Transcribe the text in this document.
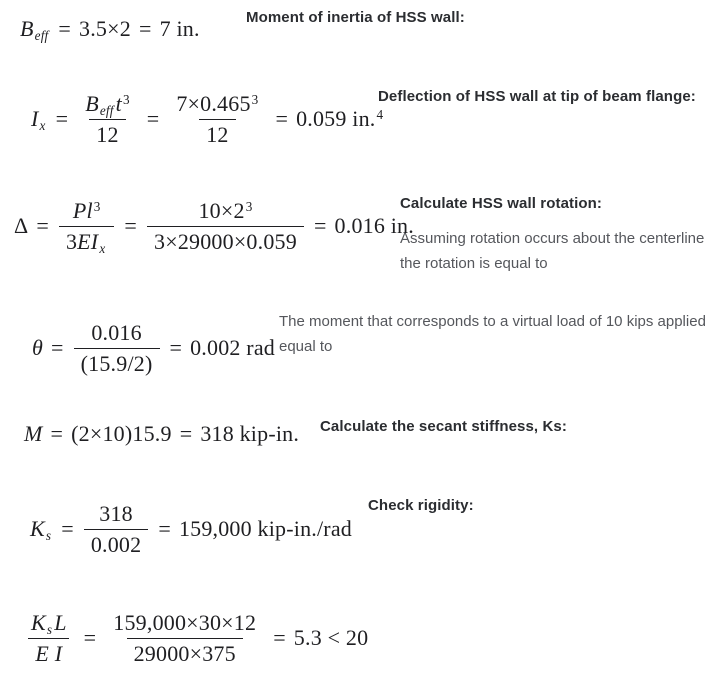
Beff = 3.5×2 = 7 in.	Moment of inertia of HSS wall:
$Ix = \frac{Befft^3}{12} = \frac{7\times 0.465^3}{12} = 0.059$ in.$^4$
Deflection of HSS wall at tip of beam flange:
$\Delta = \frac{Pl^3}{\text{3EIx}} = \frac{10\times 2^3}{3\times 29000\times 0.059} = 0.016$ in.
Calculate HSS wall rotation:
Assuming rotation occurs about the centerline the rotation is equal to
$\theta = \frac{0.016}{(15.9/2)} = 0.002$ rad
The moment that corresponds to a virtual load of 10 kips applied equal to
M = (2×10)15.9 = 318 kip-in. Calculate the secant stiffness, Ks:
$Ks = \frac{318}{0.002} = 159,000$ kip-in./rad
Check rigidity:
$\frac{\text{KsL}}{\text{E I}} = \frac{159,000\times 30\times 12}{29000\times 375} = 5.3 < 20$
